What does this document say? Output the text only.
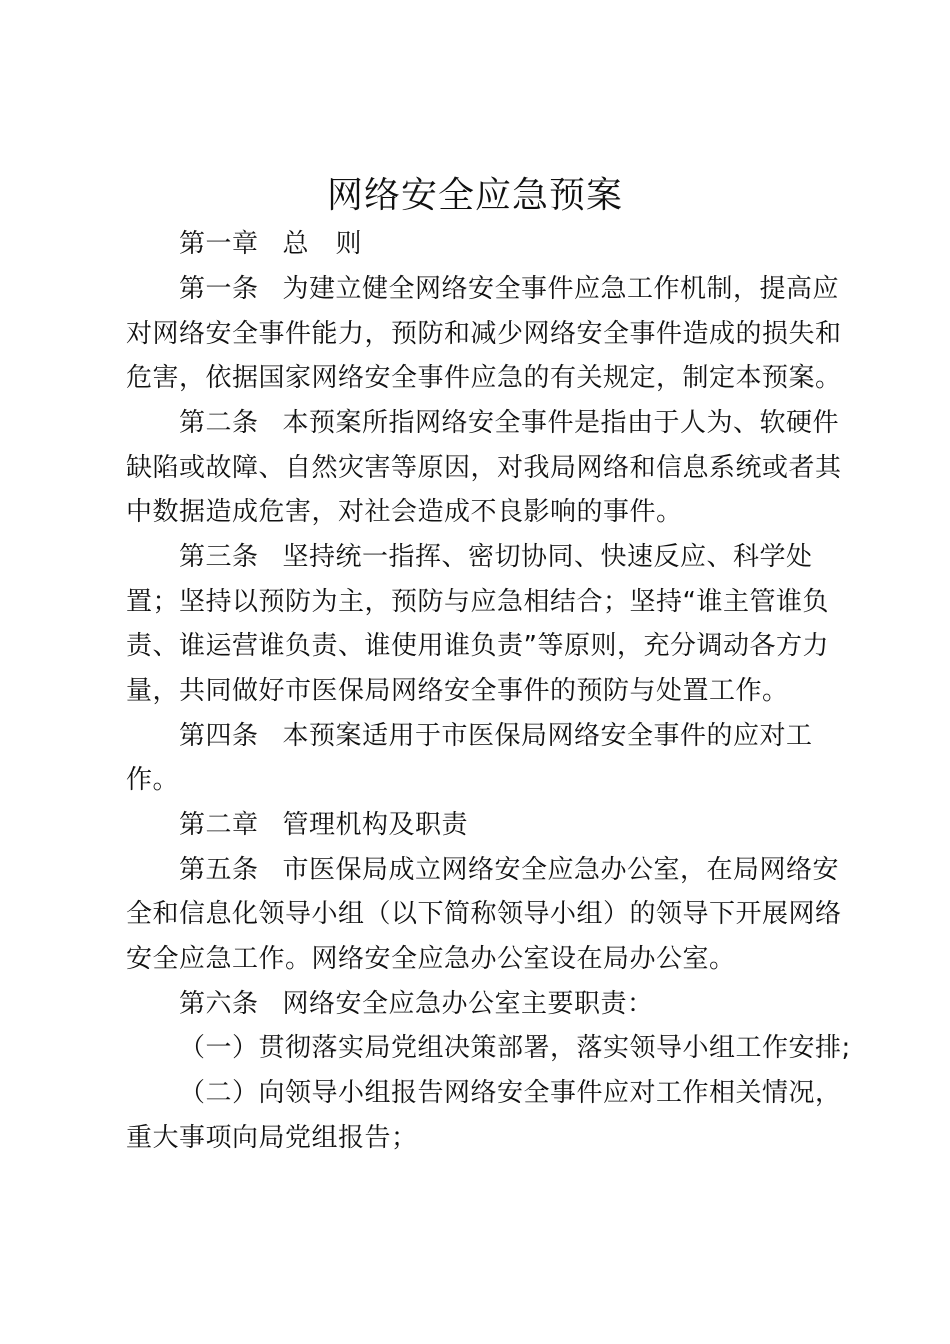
网络安全应急预案
第一章 总　则
第一条 为建立健全网络安全事件应急工作机制，提高应
对网络安全事件能力，预防和减少网络安全事件造成的损失和
危害，依据国家网络安全事件应急的有关规定，制定本预案。
第二条 本预案所指网络安全事件是指由于人为、软硬件
缺陷或故障、自然灾害等原因，对我局网络和信息系统或者其
中数据造成危害，对社会造成不良影响的事件。
第三条 坚持统一指挥、密切协同、快速反应、科学处
置；坚持以预防为主，预防与应急相结合；坚持“谁主管谁负
责、谁运营谁负责、谁使用谁负责”等原则，充分调动各方力
量，共同做好市医保局网络安全事件的预防与处置工作。
第四条 本预案适用于市医保局网络安全事件的应对工
作。
第二章 管理机构及职责
第五条 市医保局成立网络安全应急办公室，在局网络安
全和信息化领导小组（以下简称领导小组）的领导下开展网络
安全应急工作。网络安全应急办公室设在局办公室。
第六条 网络安全应急办公室主要职责：
（一）贯彻落实局党组决策部署，落实领导小组工作安排;
（二）向领导小组报告网络安全事件应对工作相关情况，
重大事项向局党组报告；
